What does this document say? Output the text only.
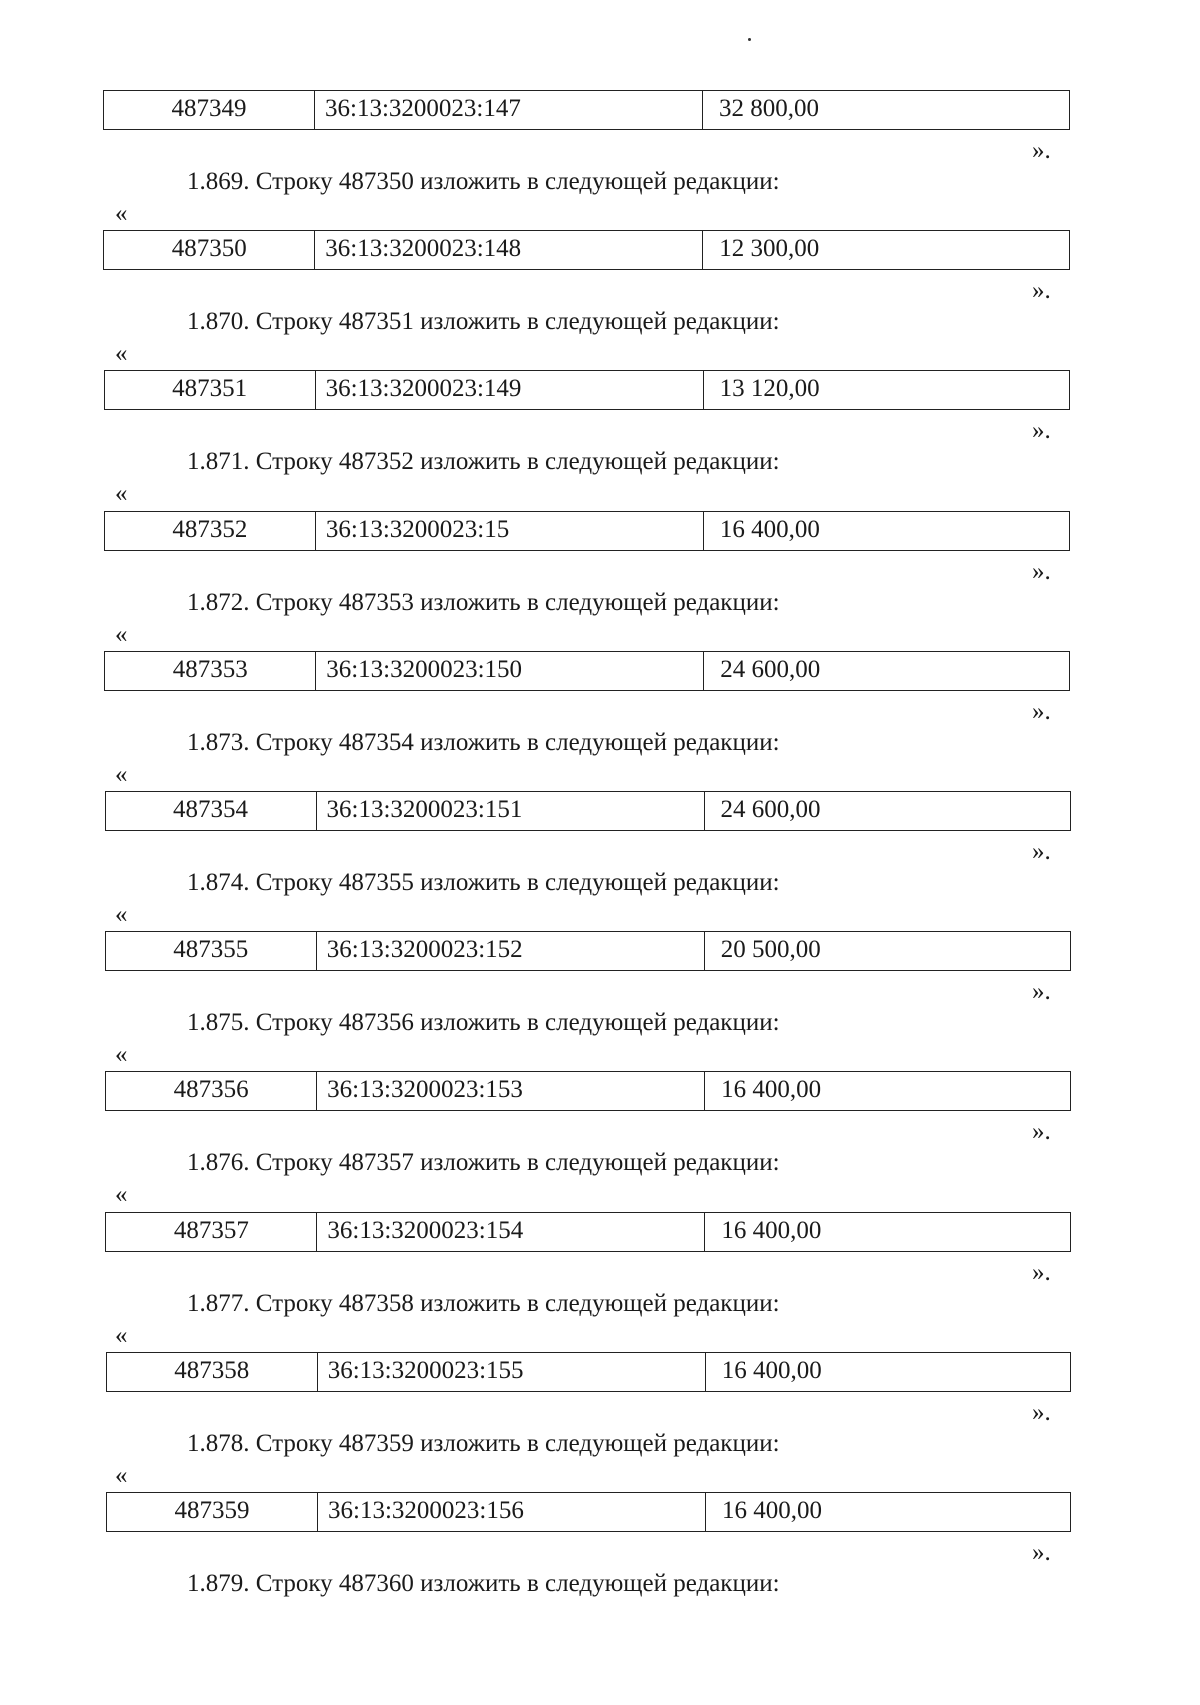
487349	36:13:3200023:147	32 800,00
».
1.869. Строку 487350 изложить в следующей редакции:
«
487350	36:13:3200023:148	12 300,00
».
1.870. Строку 487351 изложить в следующей редакции:
«
487351	36:13:3200023:149	13 120,00
».
1.871. Строку 487352 изложить в следующей редакции:
«
487352	36:13:3200023:15	16 400,00
».
1.872. Строку 487353 изложить в следующей редакции:
«
487353	36:13:3200023:150	24 600,00
».
1.873. Строку 487354 изложить в следующей редакции:
«
487354	36:13:3200023:151	24 600,00
».
1.874. Строку 487355 изложить в следующей редакции:
«
487355	36:13:3200023:152	20 500,00
».
1.875. Строку 487356 изложить в следующей редакции:
«
487356	36:13:3200023:153	16 400,00
».
1.876. Строку 487357 изложить в следующей редакции:
«
487357	36:13:3200023:154	16 400,00
».
1.877. Строку 487358 изложить в следующей редакции:
«
487358	36:13:3200023:155	16 400,00
».
1.878. Строку 487359 изложить в следующей редакции:
«
487359	36:13:3200023:156	16 400,00
».
1.879. Строку 487360 изложить в следующей редакции:
